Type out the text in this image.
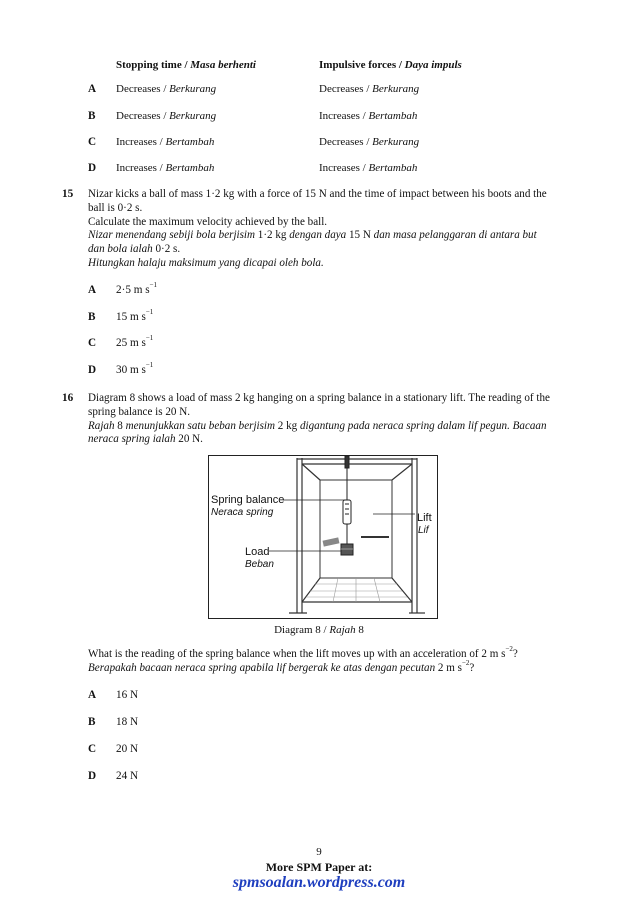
Stopping time / Masa berhenti	Impulsive forces / Daya impuls
A Decreases / Berkurang	Decreases / Berkurang
B Decreases / Berkurang	Increases / Bertambah
C Increases / Bertambah	Decreases / Berkurang
D Increases / Bertambah	Increases / Bertambah
15 Nizar kicks a ball of mass 1·2 kg with a force of 15 N and the time of impact between his boots and the
ball is 0·2 s.
Calculate the maximum velocity achieved by the ball.
Nizar menendang sebiji bola berjisim 1·2 kg dengan daya 15 N dan masa pelanggaran di antara but
dan bola ialah 0·2 s.
Hitungkan halaju maksimum yang dicapai oleh bola.
A 2·5 m $s^{-1}$
B 15 m $s^{-1}$
C 25 m $s^{-1}$
D 30 m $s^{-1}$
16 Diagram 8 shows a load of mass 2 kg hanging on a spring balance in a stationary lift. The reading of the
spring balance is 20 N.
Rajah 8 menunjukkan satu beban berjisim 2 kg digantung pada neraca spring dalam lif pegun. Bacaan
neraca spring ialah 20 N.
Spring balance
Neraca spring
Load
Beban
Lift
Lif
Diagram 8 / Rajah 8
What is the reading of the spring balance when the lift moves up with an acceleration of 2 m $s^{-2}$?
Berapakah bacaan neraca spring apabila lif bergerak ke atas dengan pecutan 2 m $s^{-2}$?
A 16 N
B 18 N
C 20 N
D 24 N
9
More SPM Paper at:
spmsoalan.wordpress.com
